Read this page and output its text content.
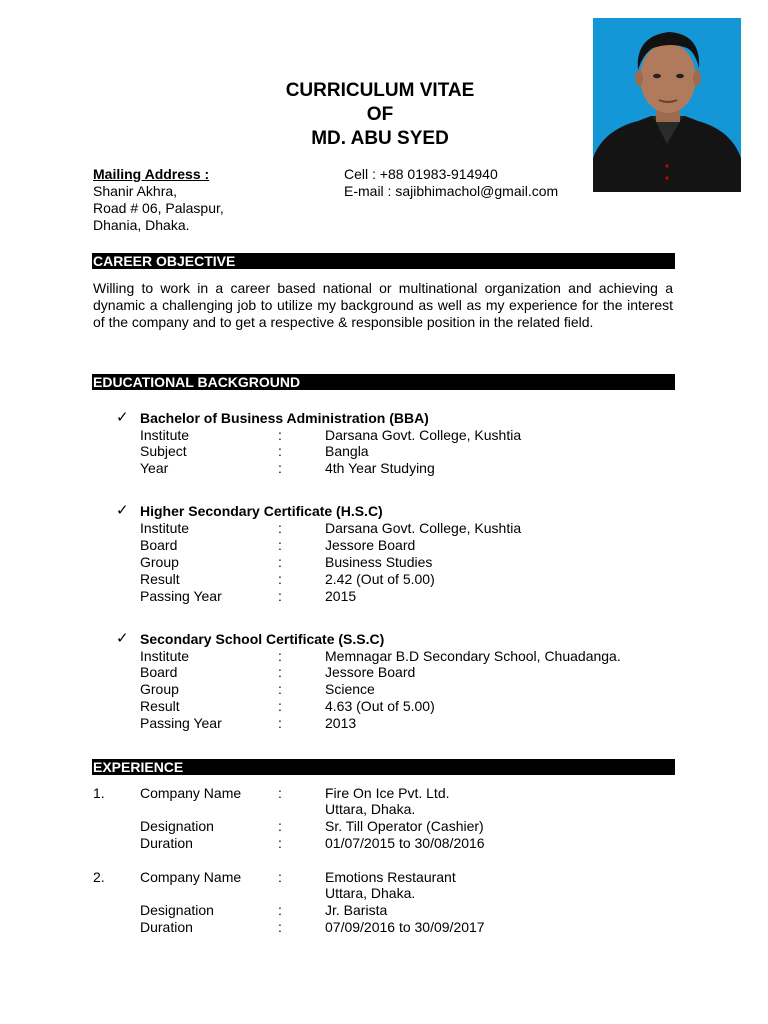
CURRICULUM VITAE
OF
MD. ABU SYED
Mailing Address :
Shanir Akhra,
Road # 06, Palaspur,
Dhania, Dhaka.
Cell : +88 01983-914940
E-mail : sajibhimachol@gmail.com
CAREER OBJECTIVE
Willing to work in a career based national or multinational organization and achieving a dynamic a challenging job to utilize my background as well as my experience for the interest of the company and to get a respective & responsible position in the related field.
EDUCATIONAL BACKGROUND
✓ Bachelor of Business Administration (BBA)
Institute	:	Darsana Govt. College, Kushtia
Subject	:	Bangla
Year	:	4th Year Studying
✓ Higher Secondary Certificate (H.S.C)
Institute	:	Darsana Govt. College, Kushtia
Board	:	Jessore Board
Group	:	Business Studies
Result	:	2.42 (Out of 5.00)
Passing Year	:	2015
✓ Secondary School Certificate (S.S.C)
Institute	:	Memnagar B.D Secondary School, Chuadanga.
Board	:	Jessore Board
Group	:	Science
Result	:	4.63 (Out of 5.00)
Passing Year	:	2013
EXPERIENCE
1.	Company Name	:	Fire On Ice Pvt. Ltd.
Uttara, Dhaka.
Designation	:	Sr. Till Operator (Cashier)
Duration	:	01/07/2015 to 30/08/2016
2.	Company Name	:	Emotions Restaurant
Uttara, Dhaka.
Designation	:	Jr. Barista
Duration	:	07/09/2016 to 30/09/2017
